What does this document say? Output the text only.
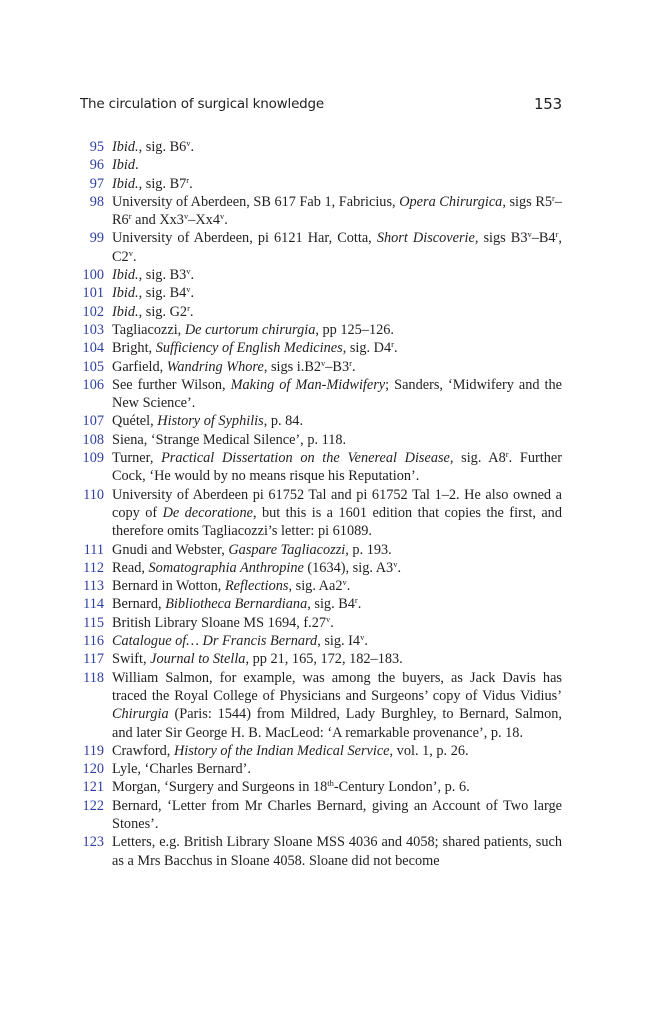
The circulation of surgical knowledge	153
95 Ibid., sig. B6$^v$.
96 Ibid.
97 Ibid., sig. B7$^r$.
98 University of Aberdeen, SB 617 Fab 1, Fabricius, Opera Chirurgica, sigs R5$^r$–R6$^r$ and Xx3$^v$–Xx4$^v$.
99 University of Aberdeen, pi 6121 Har, Cotta, Short Discoverie, sigs B3$^v$–B4$^r$, C2$^v$.
100 Ibid., sig. B3$^v$.
101 Ibid., sig. B4$^v$.
102 Ibid., sig. G2$^r$.
103 Tagliacozzi, De curtorum chirurgia, pp 125–126.
104 Bright, Sufficiency of English Medicines, sig. D4$^r$.
105 Garfield, Wandring Whore, sigs i.B2$^v$–B3$^r$.
106 See further Wilson, Making of Man-Midwifery; Sanders, ‘Midwifery and the New Science’.
107 Quétel, History of Syphilis, p. 84.
108 Siena, ‘Strange Medical Silence’, p. 118.
109 Turner, Practical Dissertation on the Venereal Disease, sig. A8$^r$. Further Cock, ‘He would by no means risque his Reputation’.
110 University of Aberdeen pi 61752 Tal and pi 61752 Tal 1–2. He also owned a copy of De decoratione, but this is a 1601 edition that copies the first, and therefore omits Tagliacozzi’s letter: pi 61089.
111 Gnudi and Webster, Gaspare Tagliacozzi, p. 193.
112 Read, Somatographia Anthropine (1634), sig. A3$^v$.
113 Bernard in Wotton, Reflections, sig. Aa2$^v$.
114 Bernard, Bibliotheca Bernardiana, sig. B4$^r$.
115 British Library Sloane MS 1694, f.27$^v$.
116 Catalogue of… Dr Francis Bernard, sig. I4$^v$.
117 Swift, Journal to Stella, pp 21, 165, 172, 182–183.
118 William Salmon, for example, was among the buyers, as Jack Davis has traced the Royal College of Physicians and Surgeons’ copy of Vidus Vidius’ Chirurgia (Paris: 1544) from Mildred, Lady Burghley, to Bernard, Salmon, and later Sir George H. B. MacLeod: ‘A remarkable provenance’, p. 18.
119 Crawford, History of the Indian Medical Service, vol. 1, p. 26.
120 Lyle, ‘Charles Bernard’.
121 Morgan, ‘Surgery and Surgeons in 18th-Century London’, p. 6.
122 Bernard, ‘Letter from Mr Charles Bernard, giving an Account of Two large Stones’.
123 Letters, e.g. British Library Sloane MSS 4036 and 4058; shared patients, such as a Mrs Bacchus in Sloane 4058. Sloane did not become
